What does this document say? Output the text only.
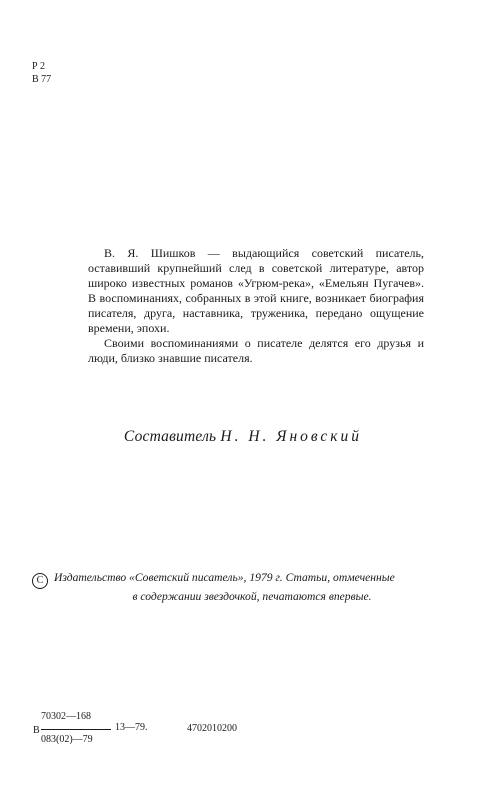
Р 2
В 77

В. Я. Шишков — выдающийся советский писатель, оставивший крупнейший след в советской литературе, автор широко известных романов «Угрюм-река», «Емельян Пугачев». В воспоминаниях, собранных в этой книге, возникает биография писателя, друга, наставника, труженика, передано ощущение времени, эпохи.

Своими воспоминаниями о писателе делятся его друзья и люди, близко знавшие писателя.

Составитель Н. Н. Яновский
C Издательство «Советский писатель», 1979 г. Статьи, отмеченные
в содержании звездочкой, печатаются впервые.
В
70302—168
083(02)—79
13—79.	4702010200
